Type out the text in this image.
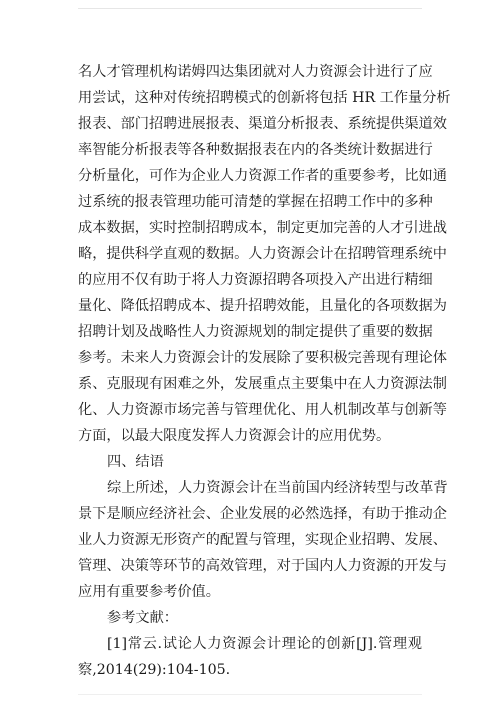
名人才管理机构诺姆四达集团就对人力资源会计进行了应
用尝试，这种对传统招聘模式的创新将包括 HR 工作量分析
报表、部门招聘进展报表、渠道分析报表、系统提供渠道效
率智能分析报表等各种数据报表在内的各类统计数据进行
分析量化，可作为企业人力资源工作者的重要参考，比如通
过系统的报表管理功能可清楚的掌握在招聘工作中的多种
成本数据，实时控制招聘成本，制定更加完善的人才引进战
略，提供科学直观的数据。人力资源会计在招聘管理系统中
的应用不仅有助于将人力资源招聘各项投入产出进行精细
量化、降低招聘成本、提升招聘效能，且量化的各项数据为
招聘计划及战略性人力资源规划的制定提供了重要的数据
参考。未来人力资源会计的发展除了要积极完善现有理论体
系、克服现有困难之外，发展重点主要集中在人力资源法制
化、人力资源市场完善与管理优化、用人机制改革与创新等
方面，以最大限度发挥人力资源会计的应用优势。
四、结语
综上所述，人力资源会计在当前国内经济转型与改革背
景下是顺应经济社会、企业发展的必然选择，有助于推动企
业人力资源无形资产的配置与管理，实现企业招聘、发展、
管理、决策等环节的高效管理，对于国内人力资源的开发与
应用有重要参考价值。
参考文献：
[1]常云.试论人力资源会计理论的创新[J].管理观
察,2014(29):104-105.
